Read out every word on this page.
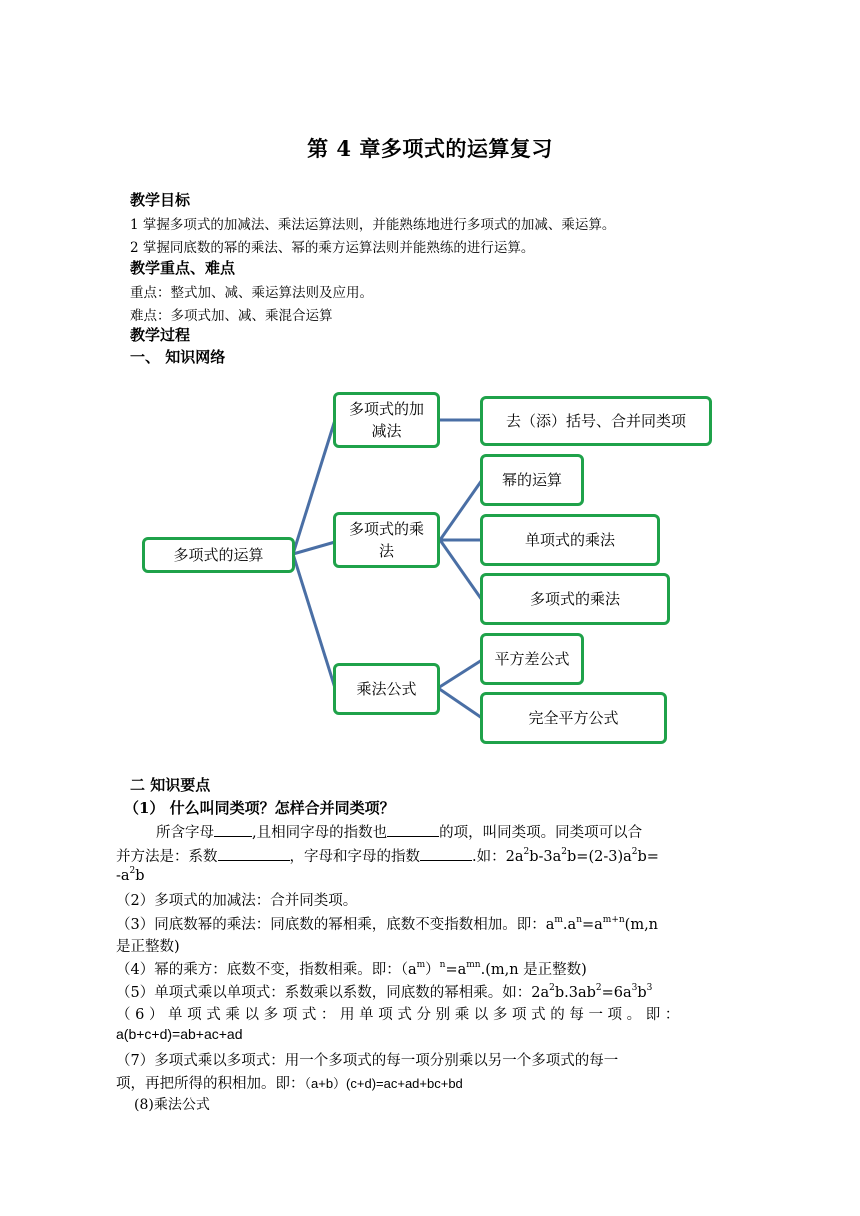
第 4 章多项式的运算复习
教学目标
1 掌握多项式的加减法、乘法运算法则，并能熟练地进行多项式的加减、乘运算。
2 掌握同底数的幂的乘法、幂的乘方运算法则并能熟练的进行运算。
教学重点、难点
重点：整式加、减、乘运算法则及应用。
难点：多项式加、减、乘混合运算
教学过程
一、 知识网络
多项式的运算
多项式的加减法
去（添）括号、合并同类项
多项式的乘法
幂的运算
单项式的乘法
多项式的乘法
乘法公式
平方差公式
完全平方公式
二 知识要点
（1） 什么叫同类项？怎样合并同类项？
所含字母	,且相同字母的指数也	的项，叫同类项。同类项可以合
并方法是：系数	，字母和字母的指数	.如：$2a^2b-3a^2b=(2-3)a^2b=$
$-a^2b$
（2）多项式的加减法：合并同类项。
（3）同底数幂的乘法：同底数的幂相乘，底数不变指数相加。即：$a^m.a^n=a^{m+n}(m,n$
是正整数)
（4）幂的乘方：底数不变，指数相乘。即：$(a^m)^n=a^{mn}.(m,n$ 是正整数)
（5）单项式乘以单项式：系数乘以系数，同底数的幂相乘。如：$2a^2b.3ab^2=6a^3b^3$
（ 6 ） 单 项 式 乘 以 多 项 式 ： 用 单 项 式 分 别 乘 以 多 项 式 的 每 一 项 。 即 ：
a(b+c+d)=ab+ac+ad
（7）多项式乘以多项式：用一个多项式的每一项分别乘以另一个多项式的每一
项，再把所得的积相加。即：（a+b）(c+d)=ac+ad+bc+bd
(8)乘法公式
